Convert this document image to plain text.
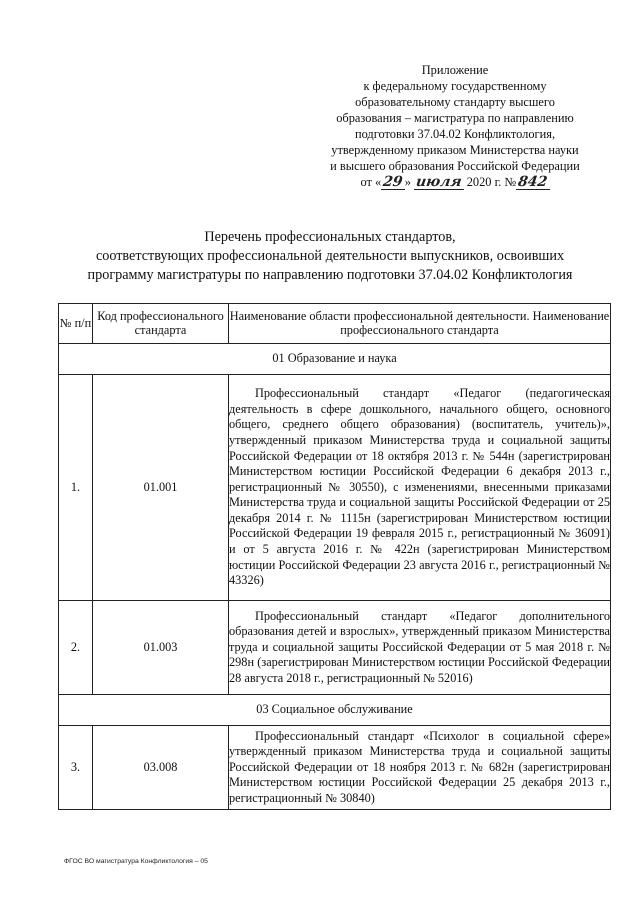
Приложение
к федеральному государственному
образовательному стандарту высшего
образования – магистратура по направлению
подготовки 37.04.02 Конфликтология,
утвержденному приказом Министерства науки
и высшего образования Российской Федерации
от «29» июля 2020 г. №842
Перечень профессиональных стандартов,
соответствующих профессиональной деятельности выпускников, освоивших
программу магистратуры по направлению подготовки 37.04.02 Конфликтология
№ п/п	Код профессионального стандарта	Наименование области профессиональной деятельности. Наименование профессионального стандарта
01 Образование и наука		
1.	01.001	Профессиональный стандарт «Педагог (педагогическая деятельность в сфере дошкольного, начального общего, основного общего, среднего общего образования) (воспитатель, учитель)», утвержденный приказом Министерства труда и социальной защиты Российской Федерации от 18 октября 2013 г. № 544н (зарегистрирован Министерством юстиции Российской Федерации 6 декабря 2013 г., регистрационный № 30550), с изменениями, внесенными приказами Министерства труда и социальной защиты Российской Федерации от 25 декабря 2014 г. № 1115н (зарегистрирован Министерством юстиции Российской Федерации 19 февраля 2015 г., регистрационный № 36091) и от 5 августа 2016 г. № 422н (зарегистрирован Министерством юстиции Российской Федерации 23 августа 2016 г., регистрационный № 43326)
2.	01.003	Профессиональный стандарт «Педагог дополнительного образования детей и взрослых», утвержденный приказом Министерства труда и социальной защиты Российской Федерации от 5 мая 2018 г. № 298н (зарегистрирован Министерством юстиции Российской Федерации 28 августа 2018 г., регистрационный № 52016)
03 Социальное обслуживание		
3.	03.008	Профессиональный стандарт «Психолог в социальной сфере» утвержденный приказом Министерства труда и социальной защиты Российской Федерации от 18 ноября 2013 г. № 682н (зарегистрирован Министерством юстиции Российской Федерации 25 декабря 2013 г., регистрационный № 30840)
ФГОС ВО магистратура Конфликтология – 05
